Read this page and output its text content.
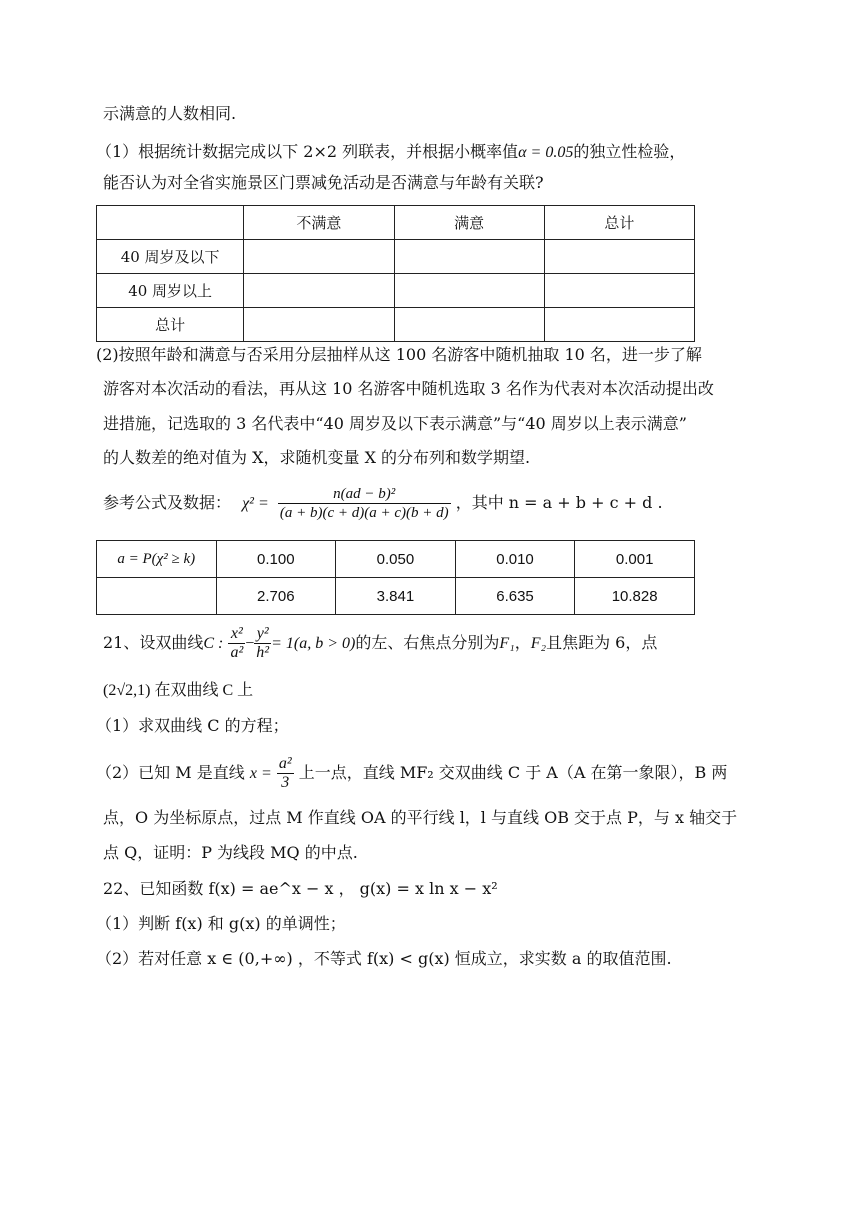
示满意的人数相同.
（1）根据统计数据完成以下 2×2 列联表，并根据小概率值α = 0.05的独立性检验，
能否认为对全省实施景区门票减免活动是否满意与年龄有关联?
	不满意	满意	总计
40 周岁及以下			
40 周岁以上			
总计			
(2)按照年龄和满意与否采用分层抽样从这 100 名游客中随机抽取 10 名，进一步了解
游客对本次活动的看法，再从这 10 名游客中随机选取 3 名作为代表对本次活动提出改
进措施，记选取的 3 名代表中“40 周岁及以下表示满意”与“40 周岁以上表示满意”
的人数差的绝对值为 X，求随机变量 X 的分布列和数学期望.
参考公式及数据： $\chi^2 = \frac{\text{n(ad − b)²}}{(a + b)(c + d)(a + c)(b + d)}$ ，其中 n = a + b + c + d .
a = P(χ² ≥ k)	0.100	0.050	0.010	0.001
	2.706	3.841	6.635	10.828
21、设双曲线C : $\frac{\text{x²}}{\text{a²}} - \frac{\text{y²}}{\text{h²}} = 1(a$, b > 0)的左、右焦点分别为F₁，F₂且焦距为 6，点
(2√2,1) 在双曲线 C 上
（1）求双曲线 C 的方程；
（2）已知 M 是直线 $x = \frac{\text{a²}}{3}$ 上一点，直线 MF₂ 交双曲线 C 于 A（A 在第一象限），B 两
点，O 为坐标原点，过点 M 作直线 OA 的平行线 l，l 与直线 OB 交于点 P，与 x 轴交于
点 Q，证明：P 为线段 MQ 的中点.
22、已知函数 f(x) = ae^x − x ， g(x) = x ln x − x²
（1）判断 f(x) 和 g(x) 的单调性；
（2）若对任意 x ∈ (0,+∞) ，不等式 f(x) < g(x) 恒成立，求实数 a 的取值范围.
